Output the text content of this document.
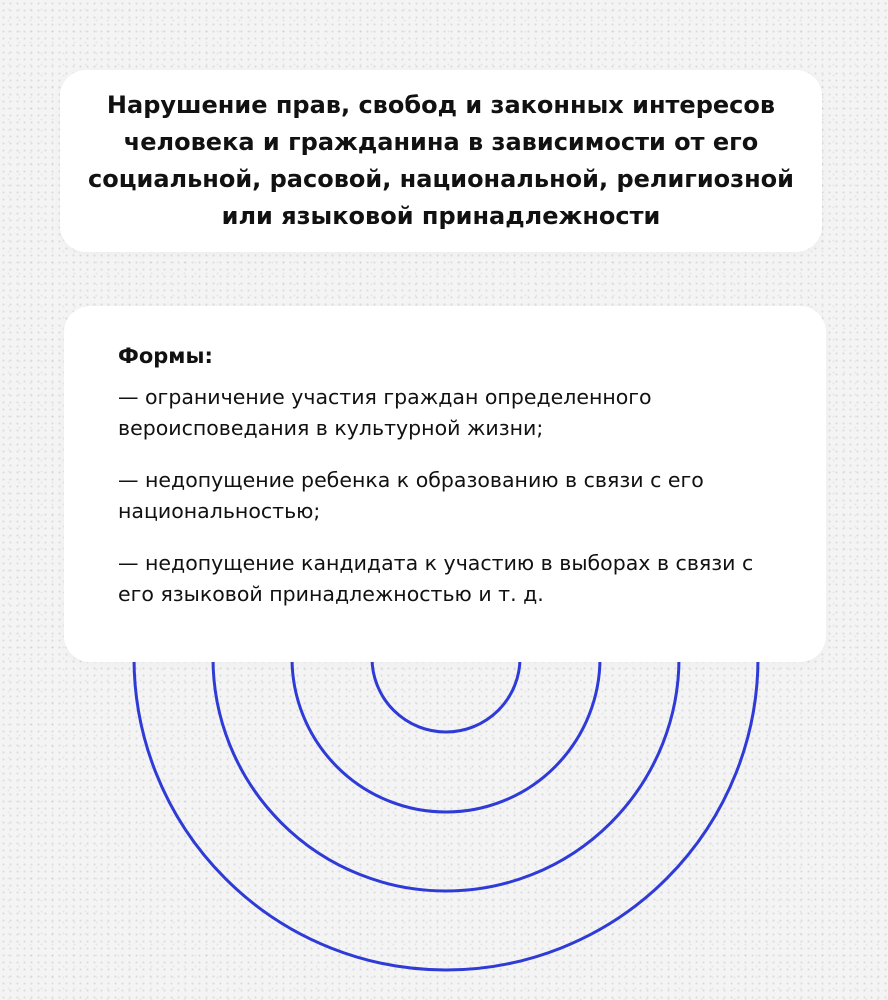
Нарушение прав, свобод и законных интересов человека и гражданина в зависимости от его социальной, расовой, национальной, религиозной или языковой принадлежности
Формы:
— ограничение участия граждан определенного вероисповедания в культурной жизни;
— недопущение ребенка к образованию в связи с его национальностью;
— недопущение кандидата к участию в выборах в связи с его языковой принадлежностью и т. д.
